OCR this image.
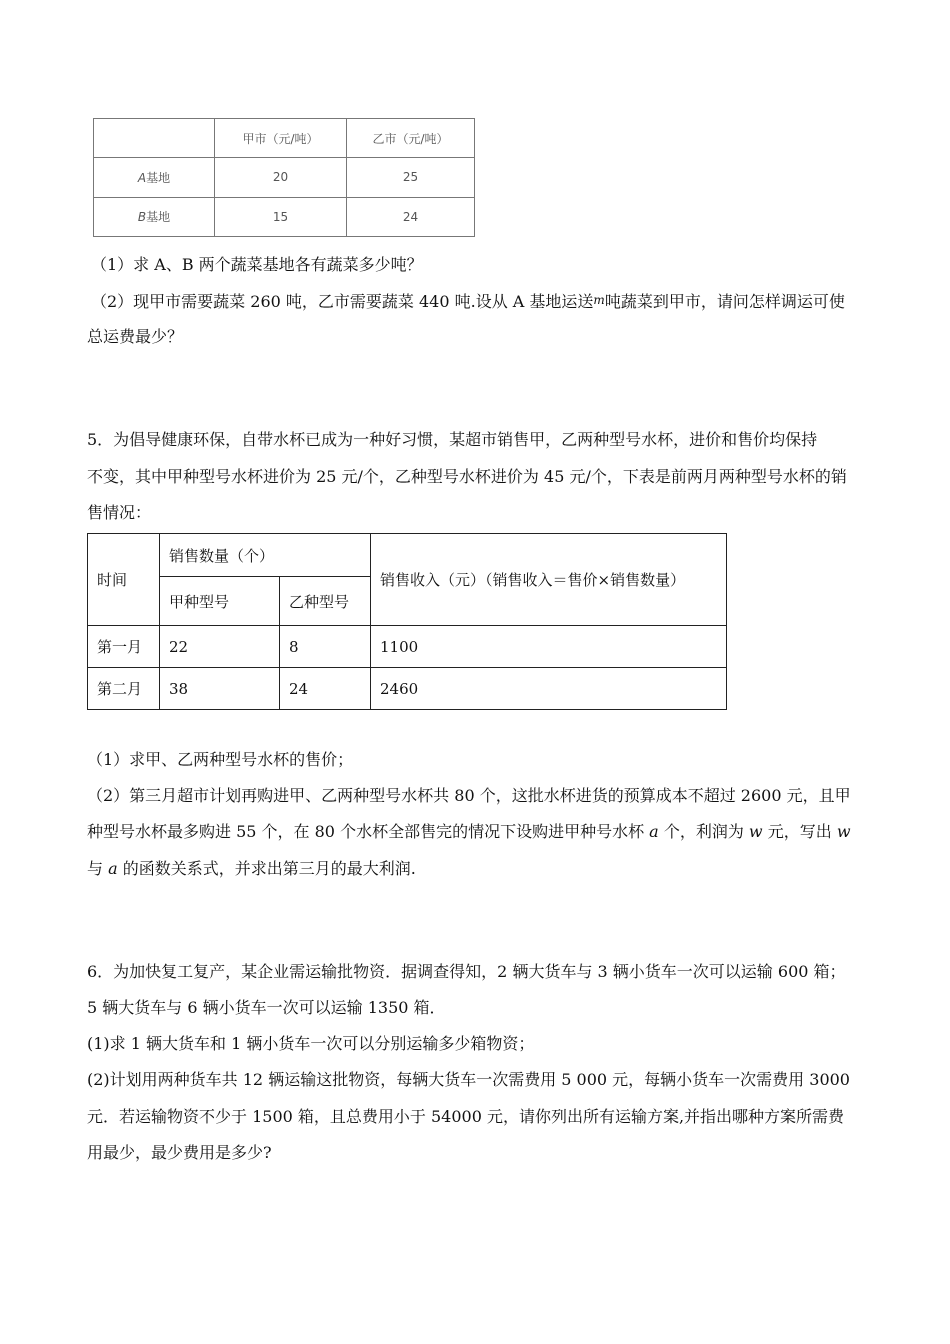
	甲市（元/吨）	乙市（元/吨）
A基地	20	25
B基地	15	24
（1）求 A、B 两个蔬菜基地各有蔬菜多少吨？
（2）现甲市需要蔬菜 260 吨，乙市需要蔬菜 440 吨.设从 A 基地运送m吨蔬菜到甲市，请问怎样调运可使
总运费最少？
5．为倡导健康环保，自带水杯已成为一种好习惯，某超市销售甲，乙两种型号水杯，进价和售价均保持
不变，其中甲种型号水杯进价为 25 元/个，乙种型号水杯进价为 45 元/个，下表是前两月两种型号水杯的销
售情况：
时间	销售数量（个）		销售收入（元）（销售收入＝售价×销售数量）

	甲种型号	乙种型号	
第一月	22	8	1100
第二月	38	24	2460
（1）求甲、乙两种型号水杯的售价；
（2）第三月超市计划再购进甲、乙两种型号水杯共 80 个，这批水杯进货的预算成本不超过 2600 元，且甲
种型号水杯最多购进 55 个，在 80 个水杯全部售完的情况下设购进甲种号水杯 a 个，利润为 w 元，写出 w
与 a 的函数关系式，并求出第三月的最大利润.
6．为加快复工复产，某企业需运输批物资．据调查得知，2 辆大货车与 3 辆小货车一次可以运输 600 箱；
5 辆大货车与 6 辆小货车一次可以运输 1350 箱．
(1)求 1 辆大货车和 1 辆小货车一次可以分别运输多少箱物资；
(2)计划用两种货车共 12 辆运输这批物资，每辆大货车一次需费用 5 000 元，每辆小货车一次需费用 3000
元．若运输物资不少于 1500 箱，且总费用小于 54000 元，请你列出所有运输方案,并指出哪种方案所需费
用最少，最少费用是多少?
